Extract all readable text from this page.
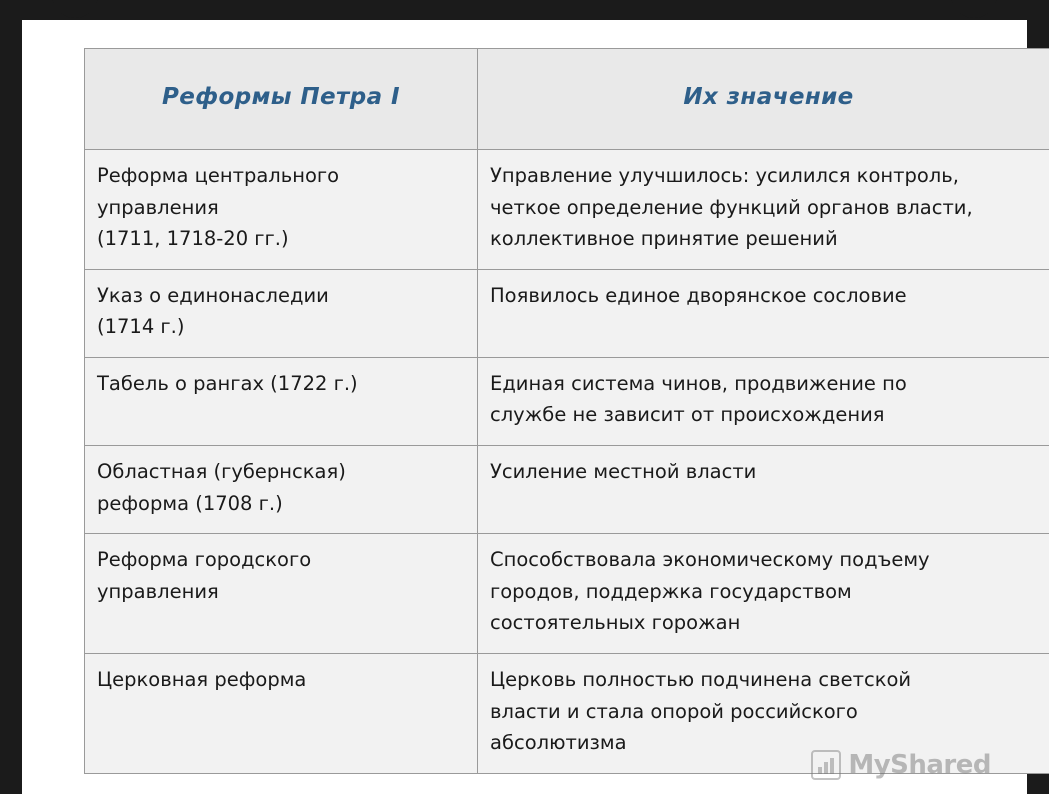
Реформы Петра I	Их значение

Реформа центрального
управления
(1711, 1718-20 гг.)	Управление улучшилось: усилился контроль,
четкое определение функций органов власти,
коллективное принятие решений

Указ о единонаследии
(1714 г.)	Появилось единое дворянское сословие

Табель о рангах (1722 г.)	Единая система чинов, продвижение по
службе не зависит от происхождения

Областная (губернская)
реформа (1708 г.)	Усиление местной власти

Реформа городского
управления	Способствовала экономическому подъему
городов, поддержка государством
состоятельных горожан

Церковная реформа	Церковь полностью подчинена светской
власти и стала опорой российского
абсолютизма
MyShared
